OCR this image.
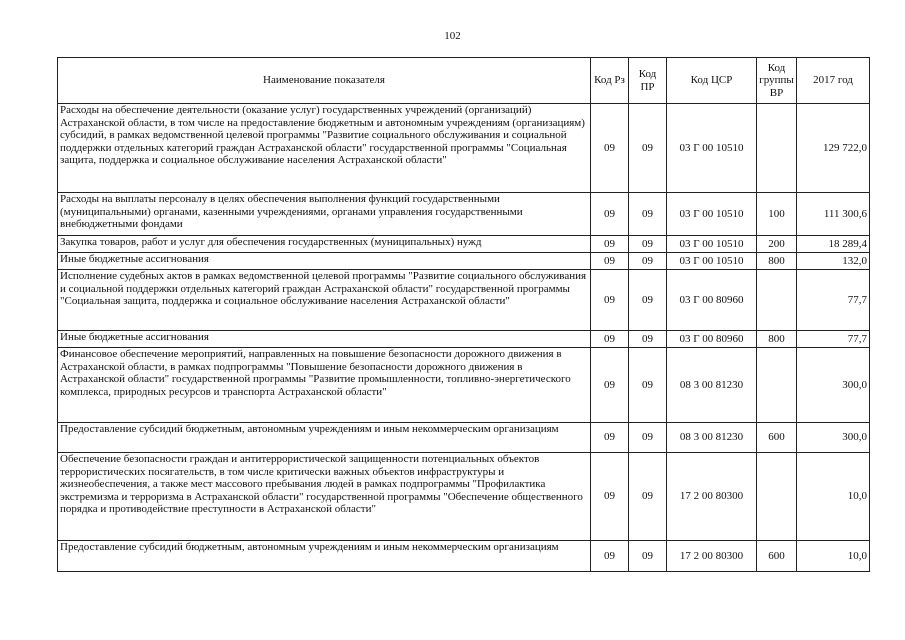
102
Наименование показателя	Код Рз	Код ПР	Код ЦСР	Код группы ВР	2017 год
Расходы на обеспечение деятельности (оказание услуг) государственных учреждений (организаций) Астраханской области, в том числе на предоставление бюджетным и автономным учреждениям (организациям) субсидий, в рамках ведомственной целевой программы "Развитие социального обслуживания и социальной поддержки отдельных категорий граждан Астраханской области" государственной программы "Социальная защита, поддержка и социальное обслуживание населения Астраханской области"	09	09	03 Г 00 10510		129 722,0
Расходы на выплаты персоналу в целях обеспечения выполнения функций государственными (муниципальными) органами, казенными учреждениями, органами управления государственными внебюджетными фондами	09	09	03 Г 00 10510	100	111 300,6
Закупка товаров, работ и услуг для обеспечения государственных (муниципальных) нужд	09	09	03 Г 00 10510	200	18 289,4
Иные бюджетные ассигнования	09	09	03 Г 00 10510	800	132,0
Исполнение судебных актов в рамках ведомственной целевой программы "Развитие социального обслуживания и социальной поддержки отдельных категорий граждан Астраханской области" государственной программы "Социальная защита, поддержка и социальное обслуживание населения Астраханской области"	09	09	03 Г 00 80960		77,7
Иные бюджетные ассигнования	09	09	03 Г 00 80960	800	77,7
Финансовое обеспечение мероприятий, направленных на повышение безопасности дорожного движения в Астраханской области, в рамках подпрограммы "Повышение безопасности дорожного движения в Астраханской области" государственной программы "Развитие промышленности, топливно-энергетического комплекса, природных ресурсов и транспорта Астраханской области"	09	09	08 3 00 81230		300,0
Предоставление субсидий бюджетным, автономным учреждениям и иным некоммерческим организациям	09	09	08 3 00 81230	600	300,0
Обеспечение безопасности граждан и антитеррористической защищенности потенциальных объектов террористических посягательств, в том числе критически важных объектов инфраструктуры и жизнеобеспечения, а также мест массового пребывания людей в рамках подпрограммы "Профилактика экстремизма и терроризма в Астраханской области" государственной программы "Обеспечение общественного порядка и противодействие преступности в Астраханской области"	09	09	17 2 00 80300		10,0
Предоставление субсидий бюджетным, автономным учреждениям и иным некоммерческим организациям	09	09	17 2 00 80300	600	10,0
